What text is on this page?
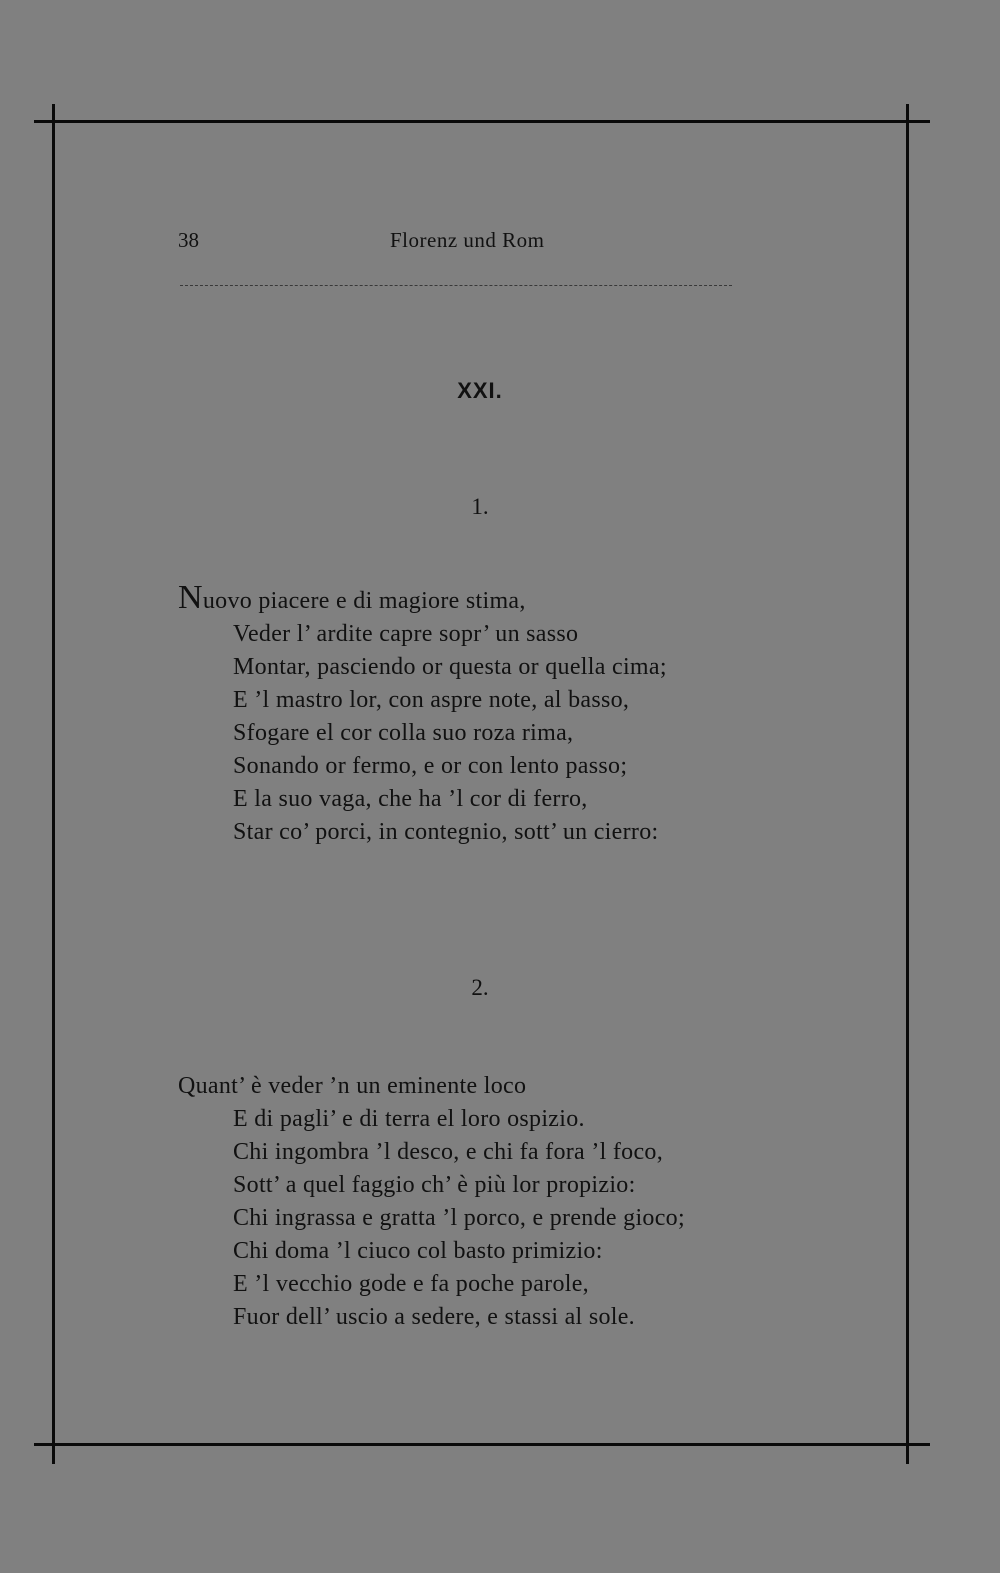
38	Florenz und Rom
XXI.
1.
Nuovo piacere e di magiore stima,
Veder l’ ardite capre sopr’ un sasso
Montar, pasciendo or questa or quella cima;
E ’l mastro lor, con aspre note, al basso,
Sfogare el cor colla suo roza rima,
Sonando or fermo, e or con lento passo;
E la suo vaga, che ha ’l cor di ferro,
Star co’ porci, in contegnio, sott’ un cierro:
2.
Quant’ è veder ’n un eminente loco
E di pagli’ e di terra el loro ospizio.
Chi ingombra ’l desco, e chi fa fora ’l foco,
Sott’ a quel faggio ch’ è più lor propizio:
Chi ingrassa e gratta ’l porco, e prende gioco;
Chi doma ’l ciuco col basto primizio:
E ’l vecchio gode e fa poche parole,
Fuor dell’ uscio a sedere, e stassi al sole.
